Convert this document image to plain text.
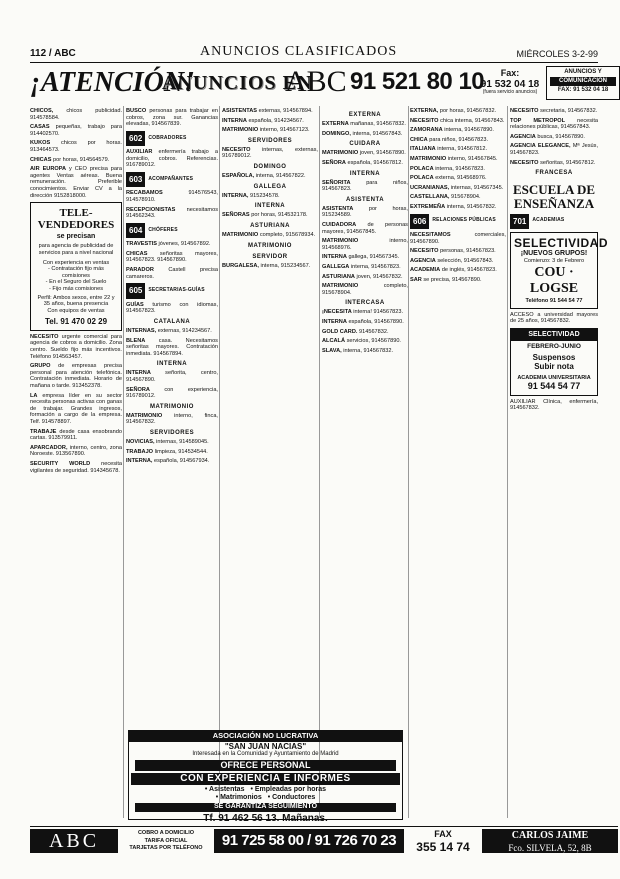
112 / ABC	ANUNCIOS CLASIFICADOS	MIÉRCOLES 3-2-99
¡ATENCIÓN!
ANUNCIOS EN
ABC 91 521 80 10	Fax:
91 532 04 18
(fuera servicio anuncios)
ANUNCIOS Y
COMUNICACIÓN
FAX: 91 532 04 18
CHICOS, chicos publicidad. 914578584.
CASAS pequeñas, trabajo para 914402570.
KUKOS chicos por horas. 913464573.
CHICAS por horas, 914564579.
AIR EUROPA y CEO precisa para agentes Ventas aéreas. Buena remuneración. Preferible conocimientos. Enviar CV a la dirección 9152818000.
TELE-VENDEDORES
se precisan
para agencia de publicidad de servicios para a nivel nacional
Con experiencia en ventas
- Contratación fijo más comisiones
- En el Seguro del Suelo
- Fijo más comisiones
Perfil: Ambos sexos, entre 22 y 35 años, buena presencia
Con equipos de ventas
Tel. 91 470 02 29
NECESITO urgente comercial para agencia de cobros a domicilio. Zona centro. Sueldo fijo más incentivos. Teléfono 914563457.
GRUPO de empresas precisa personal para atención telefónica. Contratación inmediata. Horario de mañana o tarde. 913452378.
LA empresa líder en su sector necesita personas activas con ganas de trabajar. Grandes ingresos, formación a cargo de la empresa. Telf. 914578897.
TRABAJE desde casa ensobrando cartas. 913579911.
APARCADOR, interno, centro, zona Noroeste. 913567890.
SECURITY WORLD necesita vigilantes de seguridad. 914345678.
BUSCO personas para trabajar en cobros, zona sur. Ganancias elevadas, 914567839.
602	COBRADORES
AUXILIAR enfermería trabajo a domicilio, cobros. Referencias. 916789012.
603	ACOMPAÑANTES
RECABAMOS	914576543, 914578910.
RECEPCIONISTAS necesitamos 914562343.
604	CHÓFERES
TRAVESTIS jóvenes, 914567892.
CHICAS señoritas mayores, 914567823. 914567890.
PARADOR	Castell precisa camareros.
605	SECRETARIAS-GUÍAS
GUÍAS turismo con idiomas, 914567823.
CATALANA
INTERNAS, externas, 914234567.
BLENA casa. Necesitamos señoritas mayores. Contratación inmediata. 914567894.
INTERNA
INTERNA	señorita, centro, 914567890.
SEÑORA	con experiencia, 916789012.
MATRIMONIO
MATRIMONIO interno, finca, 914567832.
SERVIDORES
NOVICIAS, internas, 914589045.
TRABAJO limpieza, 914534544.
INTERNA, española, 914567934.
ASISTENTAS externas, 914567894.
INTERNA española, 914234567.
MATRIMONIO interno, 914567123.
SERVIDORES
NECESITO internas, externas, 916789012.
DOMINGO
ESPAÑOLA, interna, 914567822.
GALLEGA
INTERNA, 915234578.
INTERNA
SEÑORAS por horas, 914532178.
ASTURIANA
MATRIMONIO completo, 915678934.
MATRIMONIO
SERVIDOR
BURGALESA, interna, 915234567.
EXTERNA
EXTERNA mañanas, 914567832.
DOMINGO, interna, 914567843.
CUIDARA
MATRIMONIO joven, 914567890.
SEÑORA española, 914567812.
INTERNA
SEÑORITA	para niños, 914567823.
ASISTENTA
ASISTENTA	por horas, 915234589.
CUIDADORA de personas mayores, 914567845.
MATRIMONIO	interno, 914568976.
INTERNA gallega, 914567345.
GALLEGA interna, 914567823.
ASTURIANA joven, 914567832.
MATRIMONIO	completo, 915678904.
INTERCASA
¡NECESITA interna! 914567823.
INTERNA española, 914567890.
GOLD CARD. 914567832.
ALCALÁ servicios, 914567890.
SLAVA, interna, 914567832.
EXTERNA, por horas, 914567832.
NECESITO chica interna, 914567843.
ZAMORANA interna, 914567890.
CHICA para niños, 914567823.
ITALIANA interna, 914567812.
MATRIMONIO interno, 914567845.
POLACA interna, 914567823.
POLACA externa, 914568976.
UCRANIANAS, internas, 914567345.
CASTELLANA, 915678904.
EXTREMEÑA interna, 914567832.
606	RELACIONES PÚBLICAS
NECESITAMOS	comerciales, 914567890.
NECESITO personas, 914567823.
AGENCIA selección, 914567843.
ACADEMIA de inglés, 914567823.
SAR se precisa, 914567890.
NECESITO secretaria, 914567832.
TOP METROPOL necesita relaciones públicas, 914567843.
AGENCIA busca, 914567890.
AGENCIA ELEGANCE, Mª Jesús, 914567823.
NECESITO señoritas, 914567812.
FRANCESA
ESCUELA DE ENSEÑANZA
701	ACADEMIAS
SELECTIVIDAD
¡NUEVOS GRUPOS!
Comienzo: 3 de Febrero
COU · LOGSE
Teléfono 91 544 54 77
ACCESO a universidad mayores de 25 años, 914567832.
SELECTIVIDAD
FEBRERO-JUNIO
Suspensos
Subir nota
ACADEMIA UNIVERSITARIA
91 544 54 77
AUXILIAR Clínica, enfermería, 914567832.
ASOCIACIÓN NO LUCRATIVA
"SAN JUAN NACIAS"
Interesada en la Comunidad y Ayuntamiento de Madrid
OFRECE PERSONAL
CON EXPERIENCIA E INFORMES
• Asistentas • Empleadas por horas
• Matrimonios • Conductores
SE GARANTIZA SEGUIMIENTO
Tf. 91 462 56 13. Mañanas.
ABC	COBRO A DOMICILIO
TARIFA OFICIAL
TARJETAS POR TELÉFONO	91 725 58 00 / 91 726 70 23	FAX
355 14 74
CARLOS JAIME
Fco. SILVELA, 52, 8B
